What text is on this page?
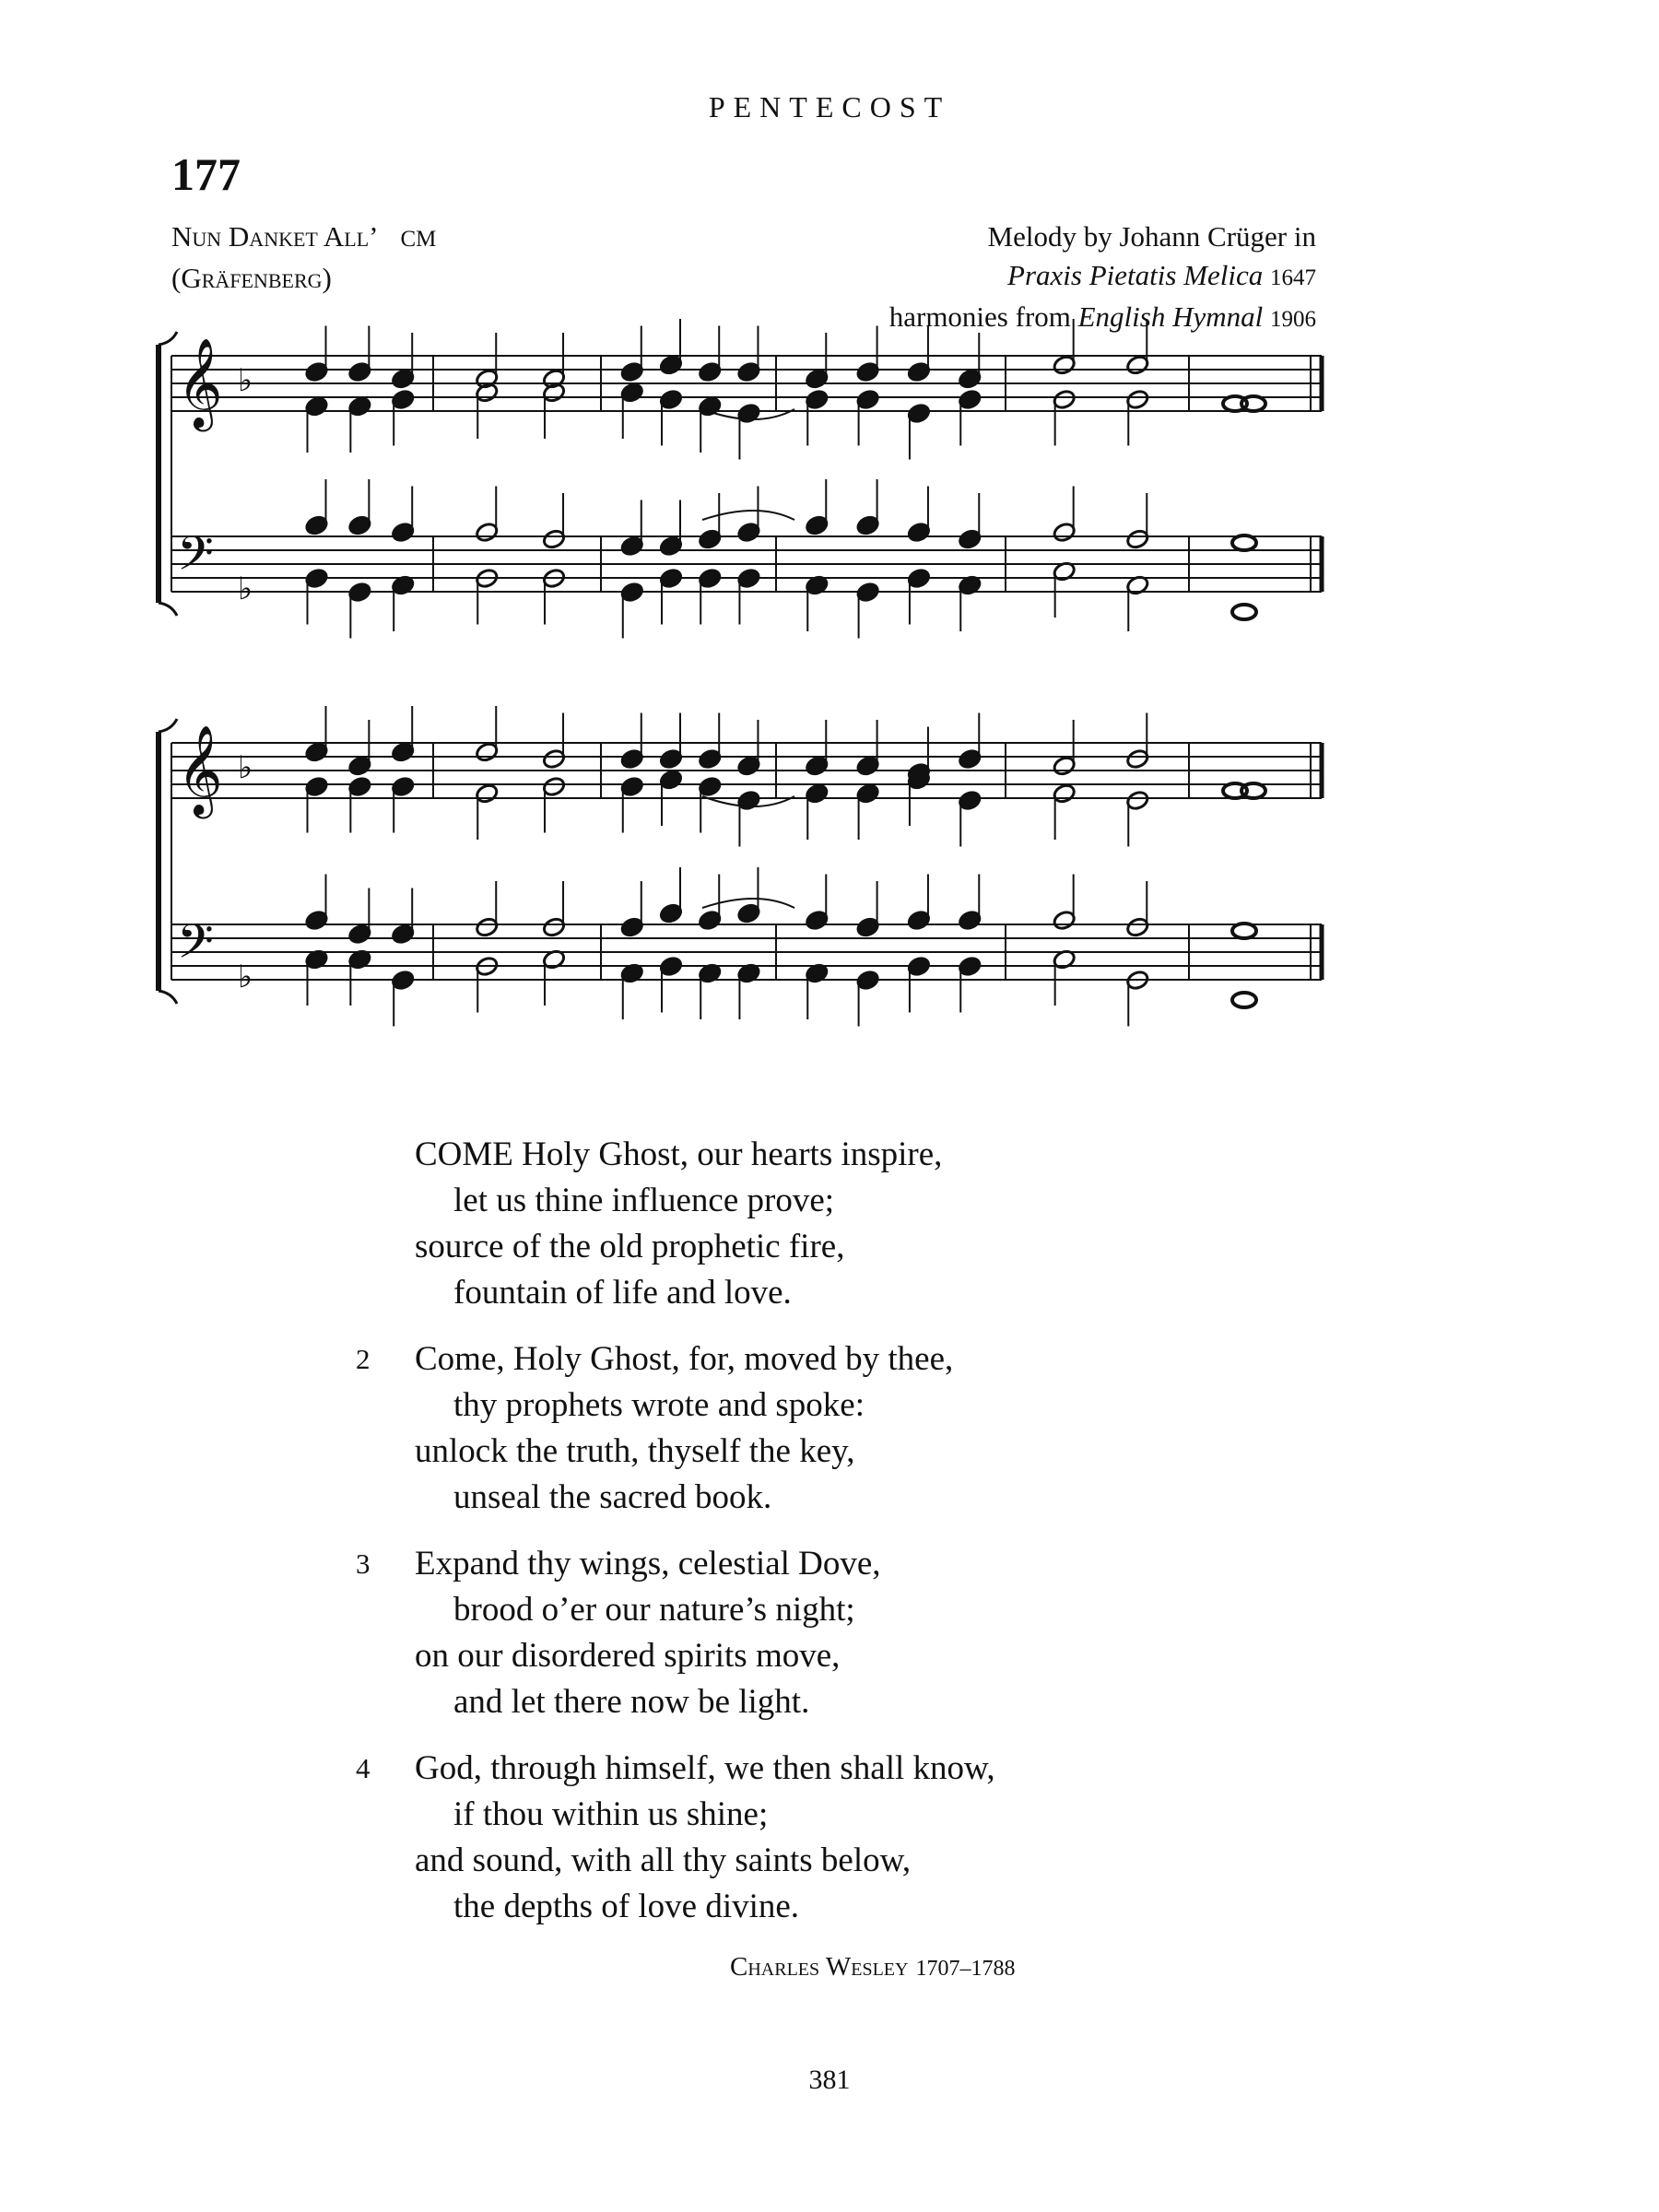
PENTECOST
177
Nun Danket All’ CM
(Gräfenberg)
Melody by Johann Crüger in
Praxis Pietatis Melica 1647
harmonies from English Hymnal 1906
𝄞
𝄢
♭
♭
𝄞
𝄢
♭
♭
COME Holy Ghost, our hearts inspire,
let us thine influence prove;
source of the old prophetic fire,
fountain of life and love.
2 Come, Holy Ghost, for, moved by thee,
thy prophets wrote and spoke:
unlock the truth, thyself the key,
unseal the sacred book.
3 Expand thy wings, celestial Dove,
brood o’er our nature’s night;
on our disordered spirits move,
and let there now be light.
4 God, through himself, we then shall know,
if thou within us shine;
and sound, with all thy saints below,
the depths of love divine.
Charles Wesley 1707–1788
381
